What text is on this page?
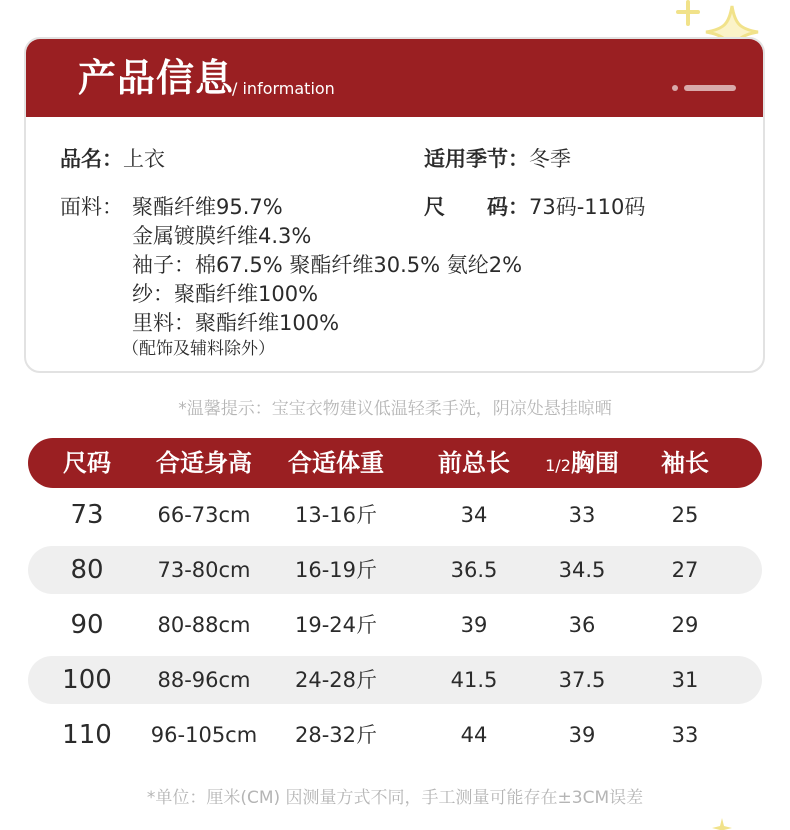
产品信息
/ information
品名：上衣	适用季节：冬季
面料： 聚酯纤维95.7%
金属镀膜纤维4.3%
袖子：棉67.5% 聚酯纤维30.5% 氨纶2%
纱：聚酯纤维100%
里料：聚酯纤维100%
（配饰及辅料除外）
尺　　码：73码-110码
*温馨提示：宝宝衣物建议低温轻柔手洗，阴凉处悬挂晾晒
尺码	合适身高	合适体重	前总长	1/2胸围	袖长
73	66-73cm	13-16斤	34	33	25
80	73-80cm	16-19斤	36.5	34.5	27
90	80-88cm	19-24斤	39	36	29
100	88-96cm	24-28斤	41.5	37.5	31
110	96-105cm	28-32斤	44	39	33
*单位：厘米(CM) 因测量方式不同，手工测量可能存在±3CM误差
